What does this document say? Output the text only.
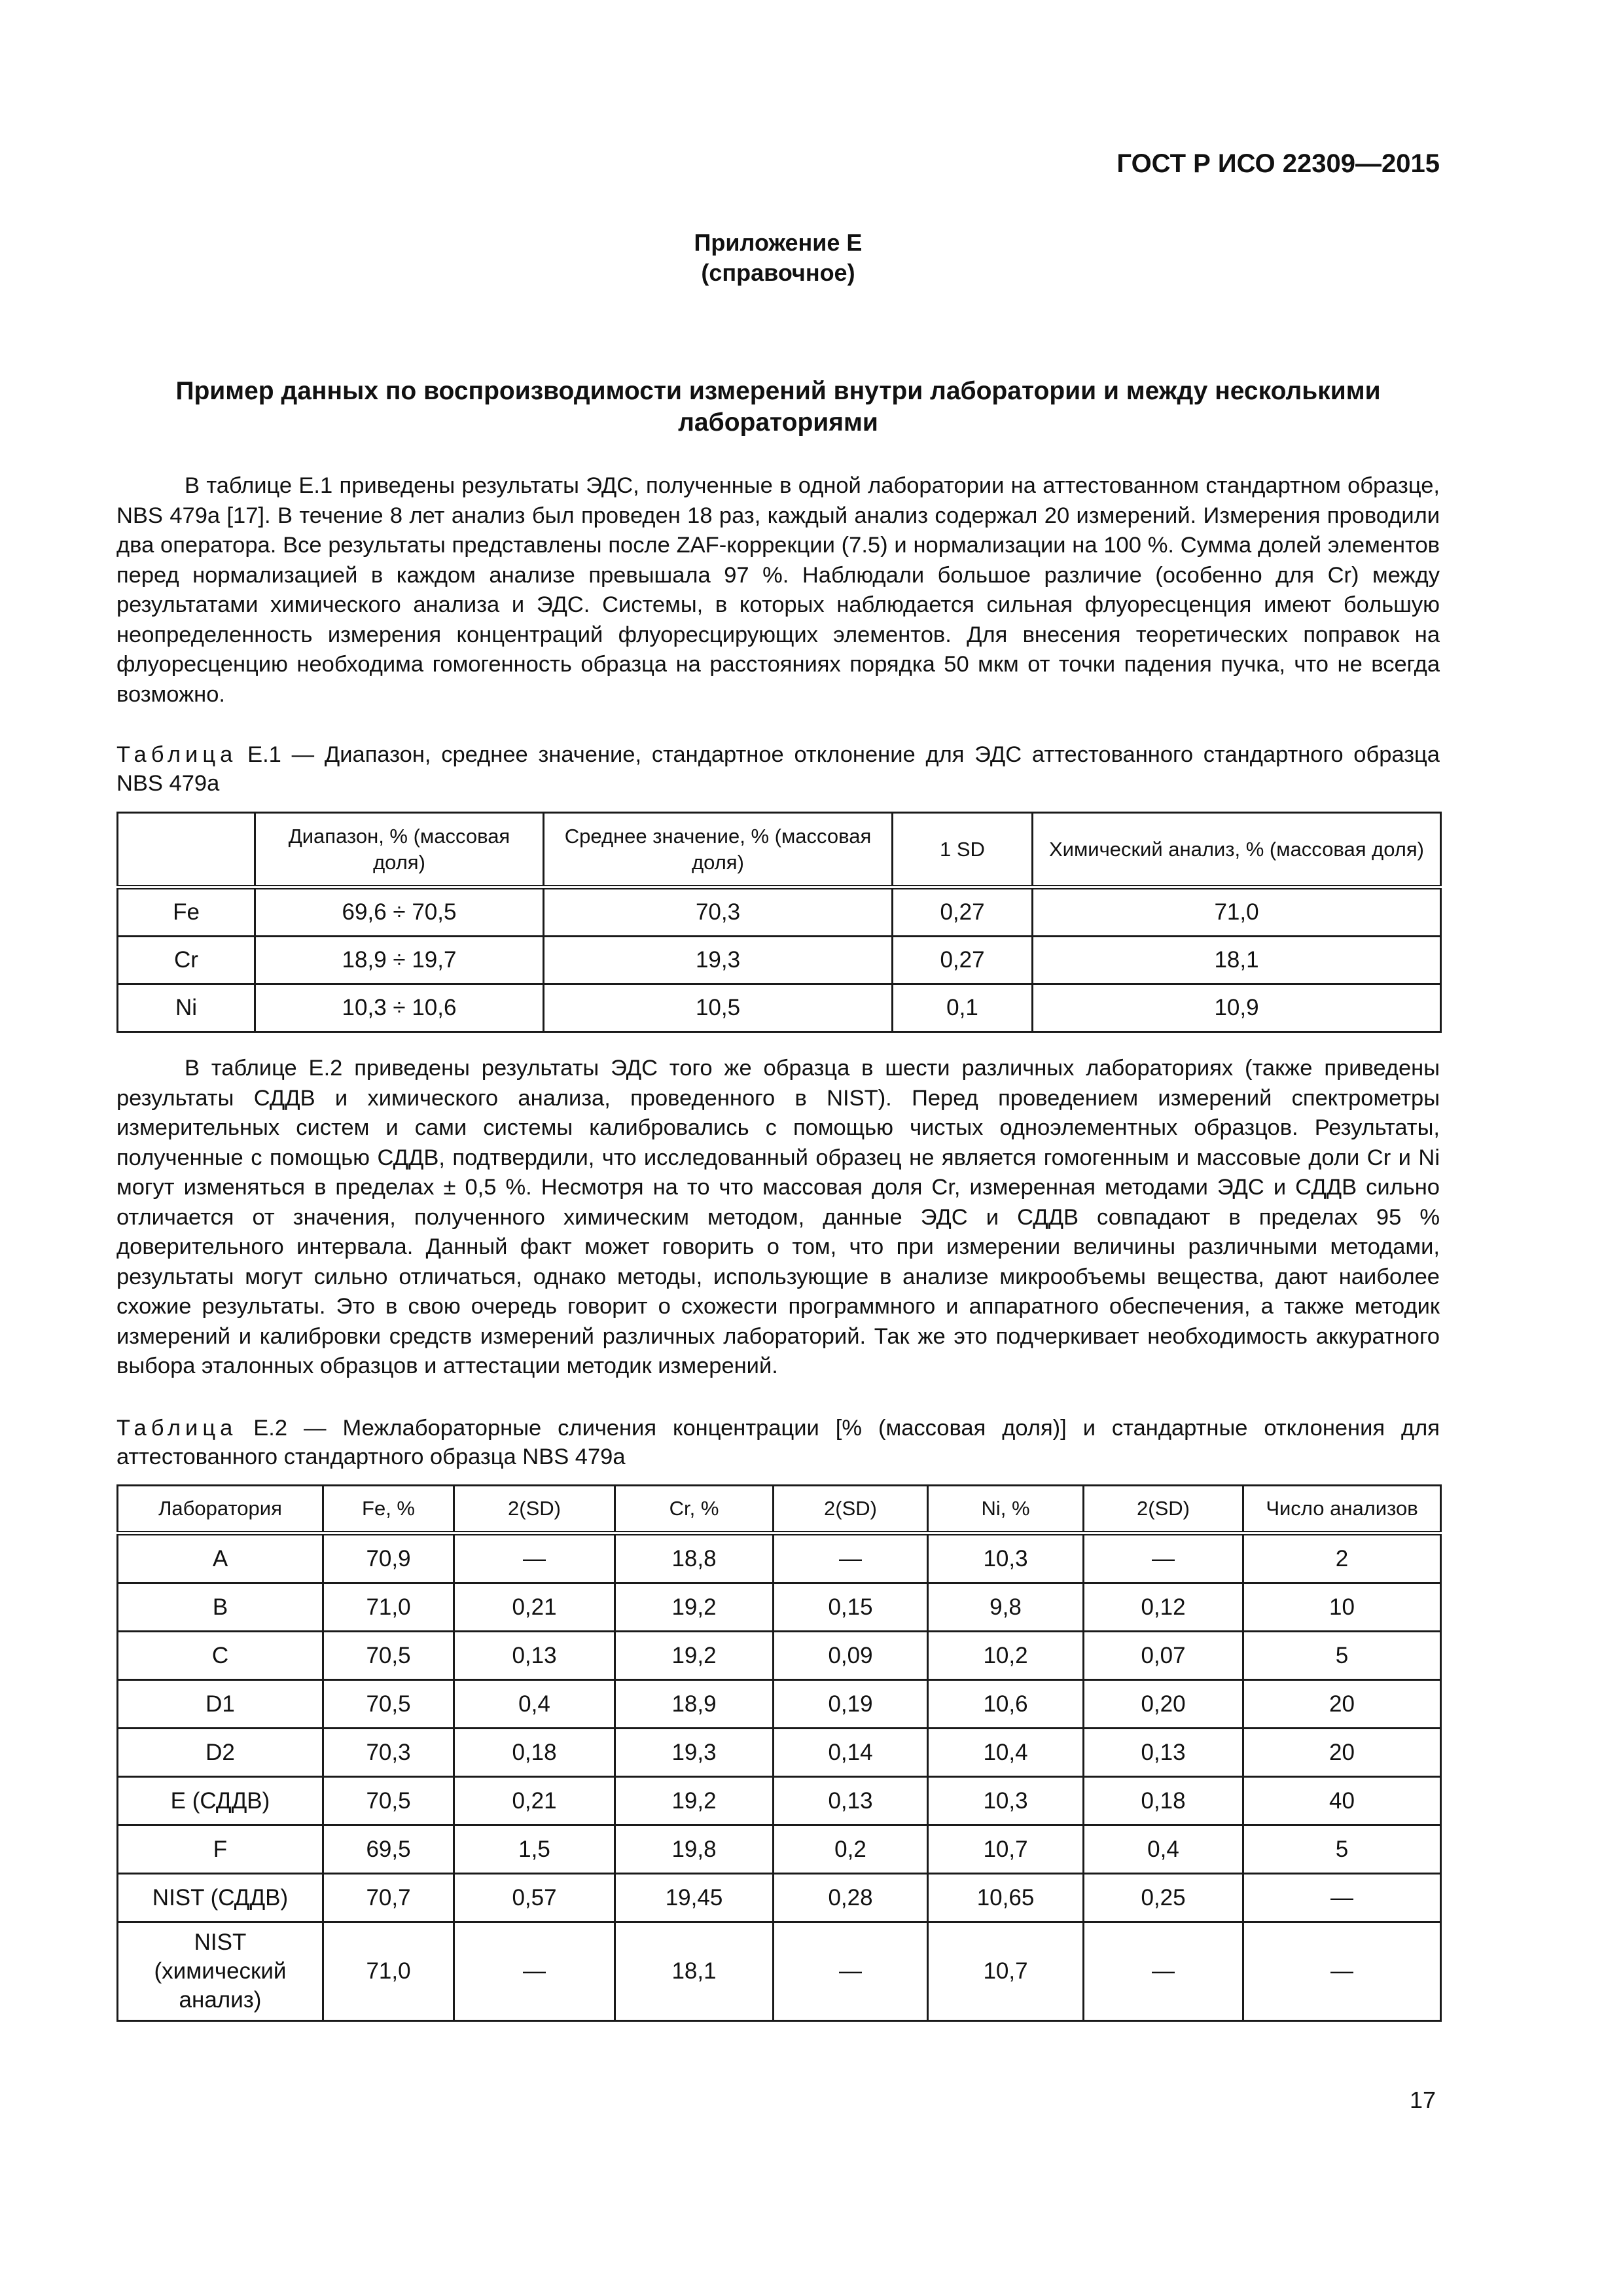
ГОСТ Р ИСО 22309—2015
Приложение Е
(справочное)
Пример данных по воспроизводимости измерений внутри лаборатории и между несколькими лабораториями

В таблице Е.1 приведены результаты ЭДС, полученные в одной лаборатории на аттестованном стандартном образце, NBS 479a [17]. В течение 8 лет анализ был проведен 18 раз, каждый анализ содержал 20 измерений. Измерения проводили два оператора. Все результаты представлены после ZAF-коррекции (7.5) и нормализации на 100 %. Сумма долей элементов перед нормализацией в каждом анализе превышала 97 %. Наблюдали большое различие (особенно для Cr) между результатами химического анализа и ЭДС. Системы, в которых наблюдается сильная флуоресценция имеют большую неопределенность измерения концентраций флуоресцирующих элементов. Для внесения теоретических поправок на флуоресценцию необходима гомогенность образца на расстояниях порядка 50 мкм от точки падения пучка, что не всегда возможно.

Таблица Е.1 — Диапазон, среднее значение, стандартное отклонение для ЭДС аттестованного стандартного образца NBS 479a

	Диапазон, % (массовая доля)	Среднее значение, % (массовая доля)	1 SD	Химический анализ, % (массовая доля)
Fe	69,6 ÷ 70,5	70,3	0,27	71,0
Cr	18,9 ÷ 19,7	19,3	0,27	18,1
Ni	10,3 ÷ 10,6	10,5	0,1	10,9

В таблице Е.2 приведены результаты ЭДС того же образца в шести различных лабораториях (также приведены результаты СДДВ и химического анализа, проведенного в NIST). Перед проведением измерений спектрометры измерительных систем и сами системы калибровались с помощью чистых одноэлементных образцов. Результаты, полученные с помощью СДДВ, подтвердили, что исследованный образец не является гомогенным и массовые доли Cr и Ni могут изменяться в пределах ± 0,5 %. Несмотря на то что массовая доля Cr, измеренная методами ЭДС и СДДВ сильно отличается от значения, полученного химическим методом, данные ЭДС и СДДВ совпадают в пределах 95 % доверительного интервала. Данный факт может говорить о том, что при измерении величины различными методами, результаты могут сильно отличаться, однако методы, использующие в анализе микрообъемы вещества, дают наиболее схожие результаты. Это в свою очередь говорит о схожести программного и аппаратного обеспечения, а также методик измерений и калибровки средств измерений различных лабораторий. Так же это подчеркивает необходимость аккуратного выбора эталонных образцов и аттестации методик измерений.

Таблица Е.2 — Межлабораторные сличения концентрации [% (массовая доля)] и стандартные отклонения для аттестованного стандартного образца NBS 479a

Лаборатория	Fe, %	2(SD)	Cr, %	2(SD)	Ni, %	2(SD)	Число анализов
A	70,9	—	18,8	—	10,3	—	2
B	71,0	0,21	19,2	0,15	9,8	0,12	10
C	70,5	0,13	19,2	0,09	10,2	0,07	5
D1	70,5	0,4	18,9	0,19	10,6	0,20	20
D2	70,3	0,18	19,3	0,14	10,4	0,13	20
E (СДДВ)	70,5	0,21	19,2	0,13	10,3	0,18	40
F	69,5	1,5	19,8	0,2	10,7	0,4	5
NIST (СДДВ)	70,7	0,57	19,45	0,28	10,65	0,25	—
NIST
(химический
анализ)	71,0	—	18,1	—	10,7	—	—
17
